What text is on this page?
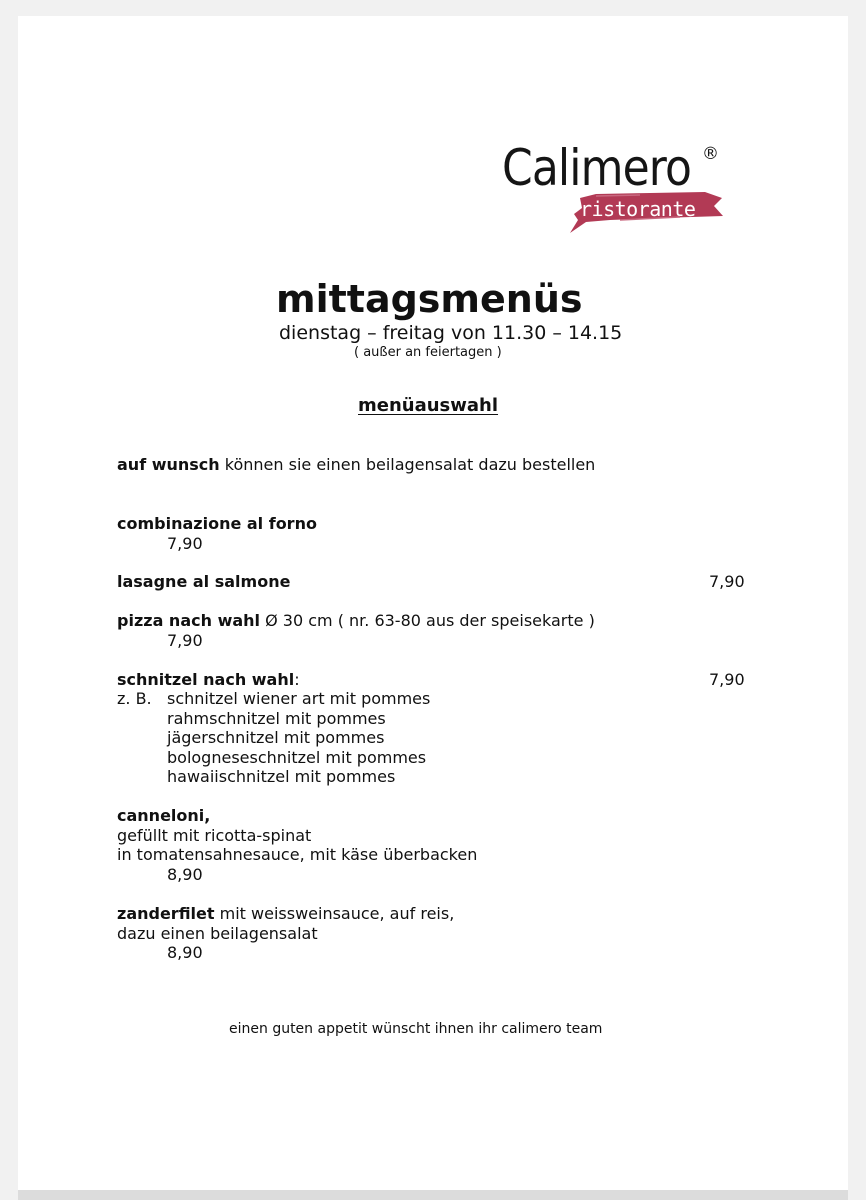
Calimero ®
ristorante
mittagsmenüs
dienstag – freitag von 11.30 – 14.15
( außer an feiertagen )
menüauswahl
auf wunsch können sie einen beilagensalat dazu bestellen
combinazione al forno
7,90
lasagne al salmone	7,90
pizza nach wahl Ø 30 cm ( nr. 63-80 aus der speisekarte )
7,90
schnitzel nach wahl:	7,90
z. B. schnitzel wiener art mit pommes
rahmschnitzel mit pommes
jägerschnitzel mit pommes
bologneseschnitzel mit pommes
hawaiischnitzel mit pommes
canneloni,
gefüllt mit ricotta-spinat
in tomatensahnesauce, mit käse überbacken
8,90
zanderfilet mit weissweinsauce, auf reis,
dazu einen beilagensalat
8,90
einen guten appetit wünscht ihnen ihr calimero team
